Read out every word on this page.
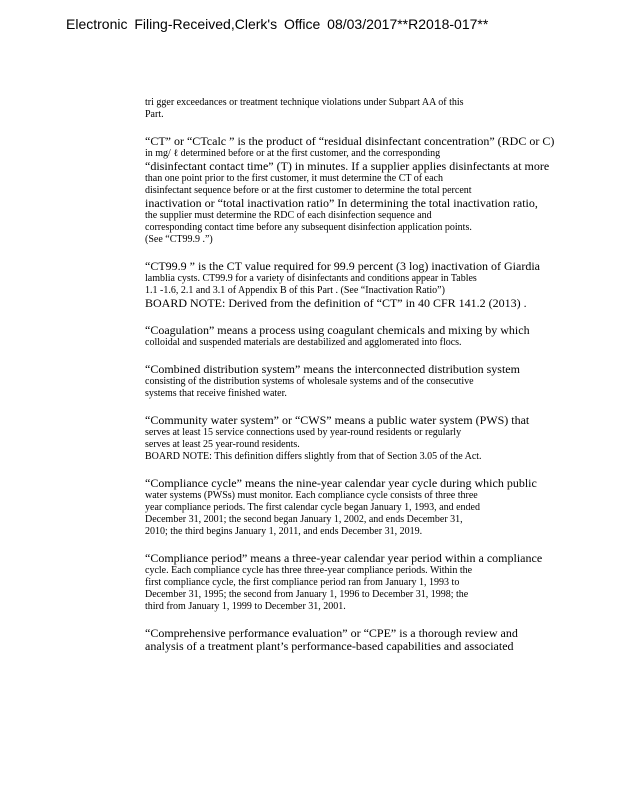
Electronic Filing-Received,Clerk's Office 08/03/2017**R2018-017**
tri gger exceedances or treatment technique violations under Subpart AA of this
Part.
“CT” or “CTcalc ” is the product of “residual disinfectant concentration” (RDC or C)
in mg/ ℓ determined before or at the first customer, and the corresponding
“disinfectant contact time” (T) in minutes. If a supplier applies disinfectants at more
than one point prior to the first customer, it must determine the CT of each
disinfectant sequence before or at the first customer to determine the total percent
inactivation or “total inactivation ratio” In determining the total inactivation ratio,
the supplier must determine the RDC of each disinfection sequence and
corresponding contact time before any subsequent disinfection application points.
(See “CT99.9 .”)
“CT99.9 ” is the CT value required for 99.9 percent (3 log) inactivation of Giardia
lamblia cysts. CT99.9 for a variety of disinfectants and conditions appear in Tables
1.1 -1.6, 2.1 and 3.1 of Appendix B of this Part . (See “Inactivation Ratio”)
BOARD NOTE: Derived from the definition of “CT” in 40 CFR 141.2 (2013) .
“Coagulation” means a process using coagulant chemicals and mixing by which
colloidal and suspended materials are destabilized and agglomerated into flocs.
“Combined distribution system” means the interconnected distribution system
consisting of the distribution systems of wholesale systems and of the consecutive
systems that receive finished water.
“Community water system” or “CWS” means a public water system (PWS) that
serves at least 15 service connections used by year-round residents or regularly
serves at least 25 year-round residents.
BOARD NOTE: This definition differs slightly from that of Section 3.05 of the Act.
“Compliance cycle” means the nine-year calendar year cycle during which public
water systems (PWSs) must monitor. Each compliance cycle consists of three three
year compliance periods. The first calendar cycle began January 1, 1993, and ended
December 31, 2001; the second began January 1, 2002, and ends December 31,
2010; the third begins January 1, 2011, and ends December 31, 2019.
“Compliance period” means a three-year calendar year period within a compliance
cycle. Each compliance cycle has three three-year compliance periods. Within the
first compliance cycle, the first compliance period ran from January 1, 1993 to
December 31, 1995; the second from January 1, 1996 to December 31, 1998; the
third from January 1, 1999 to December 31, 2001.
“Comprehensive performance evaluation” or “CPE” is a thorough review and
analysis of a treatment plant’s performance-based capabilities and associated
